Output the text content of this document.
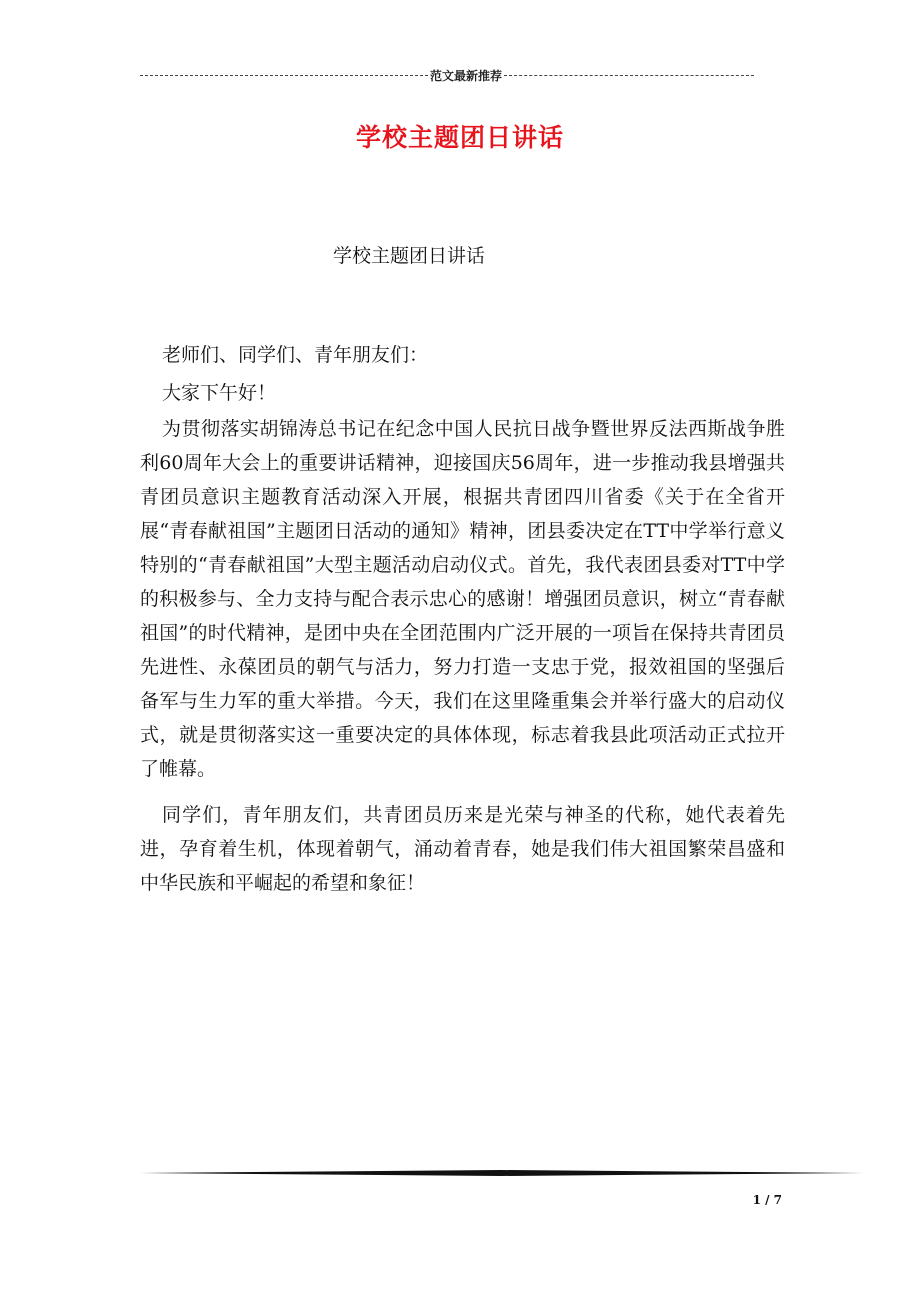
范文最新推荐
学校主题团日讲话
学校主题团日讲话

老师们、同学们、青年朋友们：

大家下午好！

为贯彻落实胡锦涛总书记在纪念中国人民抗日战争暨世界反法西斯战争胜利60周年大会上的重要讲话精神，迎接国庆56周年，进一步推动我县增强共青团员意识主题教育活动深入开展，根据共青团四川省委《关于在全省开展“青春献祖国”主题团日活动的通知》精神，团县委决定在TT中学举行意义特别的“青春献祖国”大型主题活动启动仪式。首先，我代表团县委对TT中学的积极参与、全力支持与配合表示忠心的感谢！增强团员意识，树立“青春献祖国”的时代精神，是团中央在全团范围内广泛开展的一项旨在保持共青团员先进性、永葆团员的朝气与活力，努力打造一支忠于党，报效祖国的坚强后备军与生力军的重大举措。今天，我们在这里隆重集会并举行盛大的启动仪式，就是贯彻落实这一重要决定的具体体现，标志着我县此项活动正式拉开了帷幕。

同学们，青年朋友们，共青团员历来是光荣与神圣的代称，她代表着先进，孕育着生机，体现着朝气，涌动着青春，她是我们伟大祖国繁荣昌盛和中华民族和平崛起的希望和象征！

1 / 7
